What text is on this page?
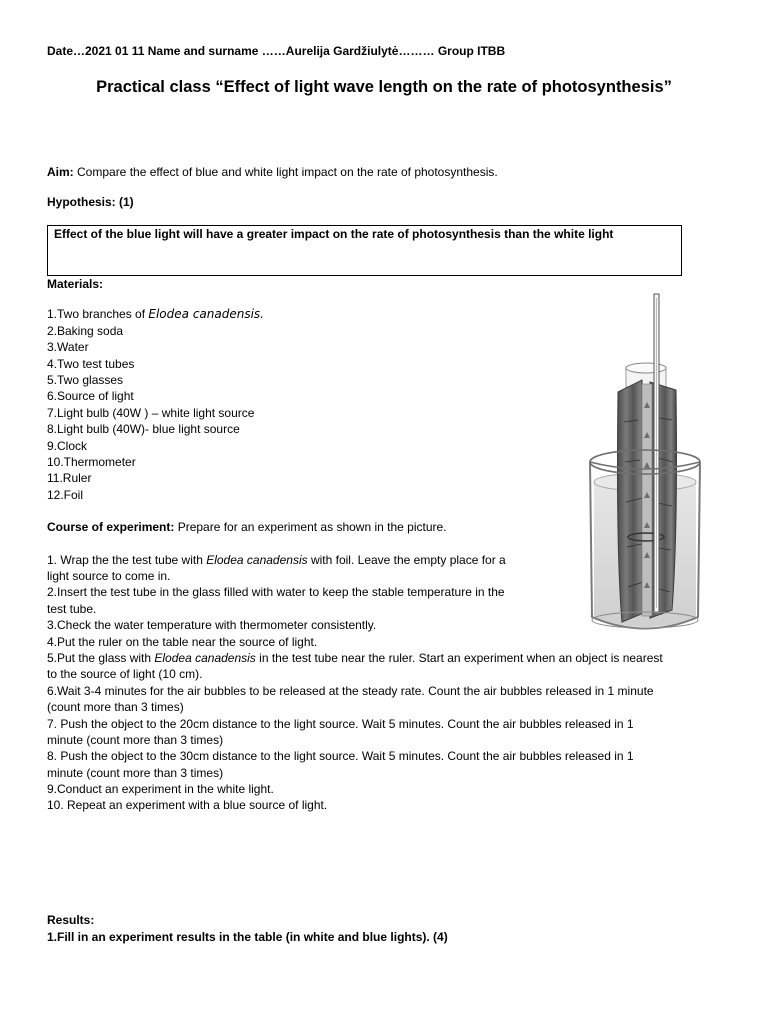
Date…2021 01 11 Name and surname ……Aurelija Gardžiulytė……… Group ITBB
Practical class “Effect of light wave length on the rate of photosynthesis”
Aim: Compare the effect of blue and white light impact on the rate of photosynthesis.
Hypothesis: (1)
Effect of the blue light will have a greater impact on the rate of photosynthesis than the white light
Materials:
1.Two branches of Elodea canadensis.
2.Baking soda
3.Water
4.Two test tubes
5.Two glasses
6.Source of light
7.Light bulb (40W ) – white light source
8.Light bulb (40W)- blue light source
9.Clock
10.Thermometer
11.Ruler
12.Foil
Course of experiment: Prepare for an experiment as shown in the picture.
1. Wrap the the test tube with Elodea canadensis with foil. Leave the empty place for a
light source to come in.
2.Insert the test tube in the glass filled with water to keep the stable temperature in the
test tube.
3.Check the water temperature with thermometer consistently.
4.Put the ruler on the table near the source of light.
5.Put the glass with Elodea canadensis in the test tube near the ruler. Start an experiment when an object is nearest
to the source of light (10 cm).
6.Wait 3-4 minutes for the air bubbles to be released at the steady rate. Count the air bubbles released in 1 minute
(count more than 3 times)
7. Push the object to the 20cm distance to the light source. Wait 5 minutes. Count the air bubbles released in 1
minute (count more than 3 times)
8. Push the object to the 30cm distance to the light source. Wait 5 minutes. Count the air bubbles released in 1
minute (count more than 3 times)
9.Conduct an experiment in the white light.
10. Repeat an experiment with a blue source of light.
Results:
1.Fill in an experiment results in the table (in white and blue lights). (4)
